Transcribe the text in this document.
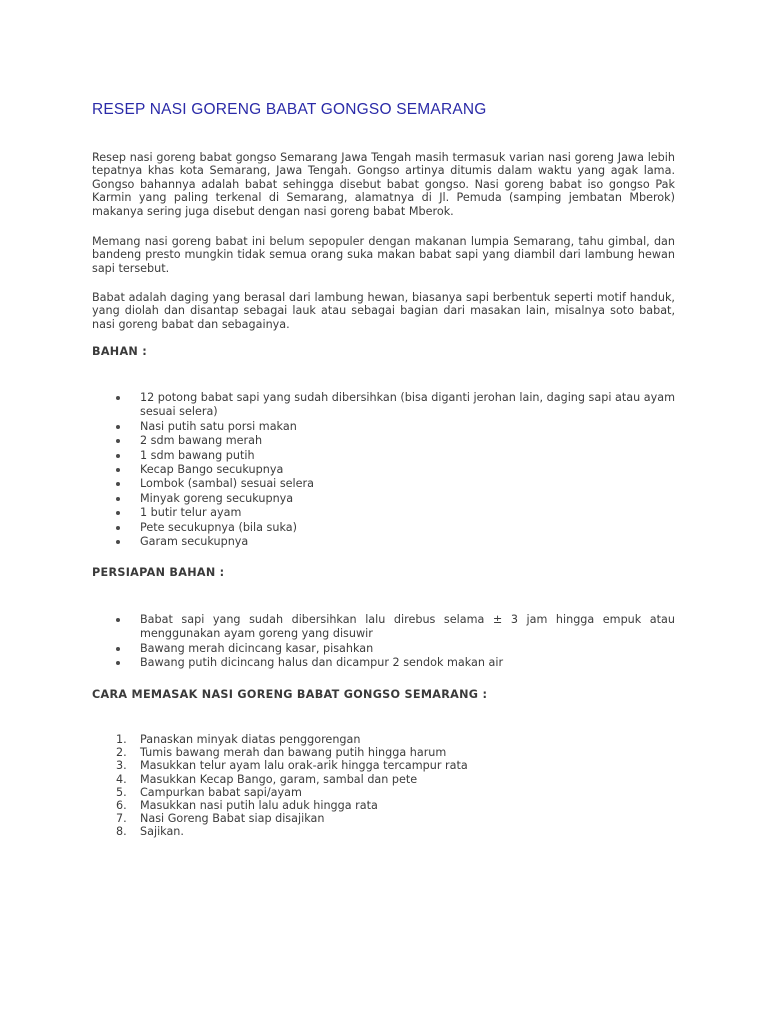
RESEP NASI GORENG BABAT GONGSO SEMARANG

Resep nasi goreng babat gongso Semarang Jawa Tengah masih termasuk varian nasi goreng Jawa lebih tepatnya khas kota Semarang, Jawa Tengah. Gongso artinya ditumis dalam waktu yang agak lama. Gongso bahannya adalah babat sehingga disebut babat gongso. Nasi goreng babat iso gongso Pak Karmin yang paling terkenal di Semarang, alamatnya di Jl. Pemuda (samping jembatan Mberok) makanya sering juga disebut dengan nasi goreng babat Mberok.

Memang nasi goreng babat ini belum sepopuler dengan makanan lumpia Semarang, tahu gimbal, dan bandeng presto mungkin tidak semua orang suka makan babat sapi yang diambil dari lambung hewan sapi tersebut.

Babat adalah daging yang berasal dari lambung hewan, biasanya sapi berbentuk seperti motif handuk, yang diolah dan disantap sebagai lauk atau sebagai bagian dari masakan lain, misalnya soto babat, nasi goreng babat dan sebagainya.

BAHAN :
12 potong babat sapi yang sudah dibersihkan (bisa diganti jerohan lain, daging sapi atau ayam sesuai selera)
Nasi putih satu porsi makan
2 sdm bawang merah
1 sdm bawang putih
Kecap Bango secukupnya
Lombok (sambal) sesuai selera
Minyak goreng secukupnya
1 butir telur ayam
Pete secukupnya (bila suka)
Garam secukupnya
PERSIAPAN BAHAN :
Babat sapi yang sudah dibersihkan lalu direbus selama ± 3 jam hingga empuk atau menggunakan ayam goreng yang disuwir
Bawang merah dicincang kasar, pisahkan
Bawang putih dicincang halus dan dicampur 2 sendok makan air
CARA MEMASAK NASI GORENG BABAT GONGSO SEMARANG :
1.	Panaskan minyak diatas penggorengan
2.	Tumis bawang merah dan bawang putih hingga harum
3.	Masukkan telur ayam lalu orak-arik hingga tercampur rata
4.	Masukkan Kecap Bango, garam, sambal dan pete
5.	Campurkan babat sapi/ayam
6.	Masukkan nasi putih lalu aduk hingga rata
7.	Nasi Goreng Babat siap disajikan
8.	Sajikan.
